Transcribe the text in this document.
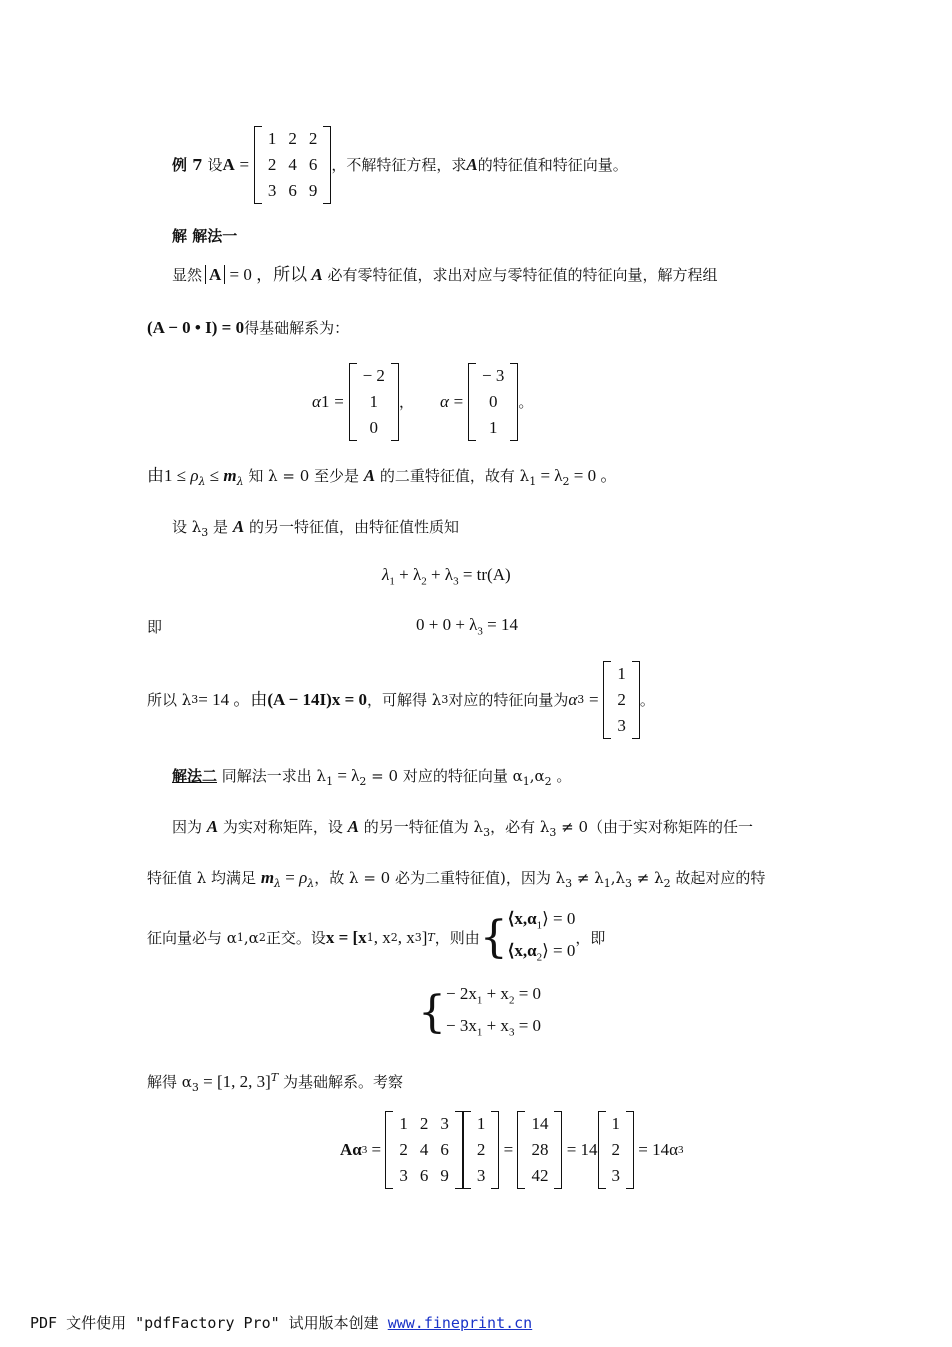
例 7
设 A
=

1	2	2
2	4	6
3	6	9
，不解特征方程，求 A 的特征值和特征向量。
解 解法一
显然 A = 0 ，所以 A 必有零特征值，求出对应与零特征值的特征向量，解方程组
(A − 0 • I) = 0得基础解系为：
α 1
=

− 2
1
0
， α
=

− 3
0
1
。
由$1 \le \rho_\lambda \le m_\lambda$ 知 λ = 0 至少是 A 的二重特征值，故有 $\lambda_1 = \lambda_2 = 0$ 。
设 $\lambda_3$ 是 A 的另一特征值，由特征值性质知
$\lambda_1 + \lambda_2 + \lambda_3 = tr(A)$
即	$0 + 0 + \lambda_3 = 14$
所以 λ 3 = 14 。由 (A − 14I)x = 0 ，可解得 λ 3 对应的特征向量为 α 3
=

1
2
3
。
解法二 同解法一求出 $\lambda_1 = \lambda_2 = 0$ 对应的特征向量 $\alpha_1,\alpha_2$ 。
因为 A 为实对称矩阵，设 A 的另一特征值为 $\lambda_3$，必有 $\lambda_3 \ne 0$（由于实对称矩阵的任一
特征值 λ 均满足 $m_\lambda = \rho_\lambda$，故 λ = 0 必为二重特征值)，因为 $\lambda_3 \ne \lambda_1,\lambda_3 \ne \lambda_2$ 故起对应的特
征向量必与 α 1 ,α 2 正交。设 x = [x 1 , x 2 , x 3 ] T ，则由 { $⟨x,\alpha_1⟩ = 0$
$⟨x,\alpha_2⟩ = 0$
，即
{ − $2x_1 + x_2 = 0$
− $3x_1 + x_3 = 0$
解得 $\alpha_3 = [1$, 2, 3]$^T$ 为基础解系。考察
Aα 3 =
1	2	3
2	4	6
3	6	9
1
2
3
=
14
28
42

= 14
1
2
3

= 14α 3
PDF 文件使用 "pdfFactory Pro" 试用版本创建 www.fineprint.cn
